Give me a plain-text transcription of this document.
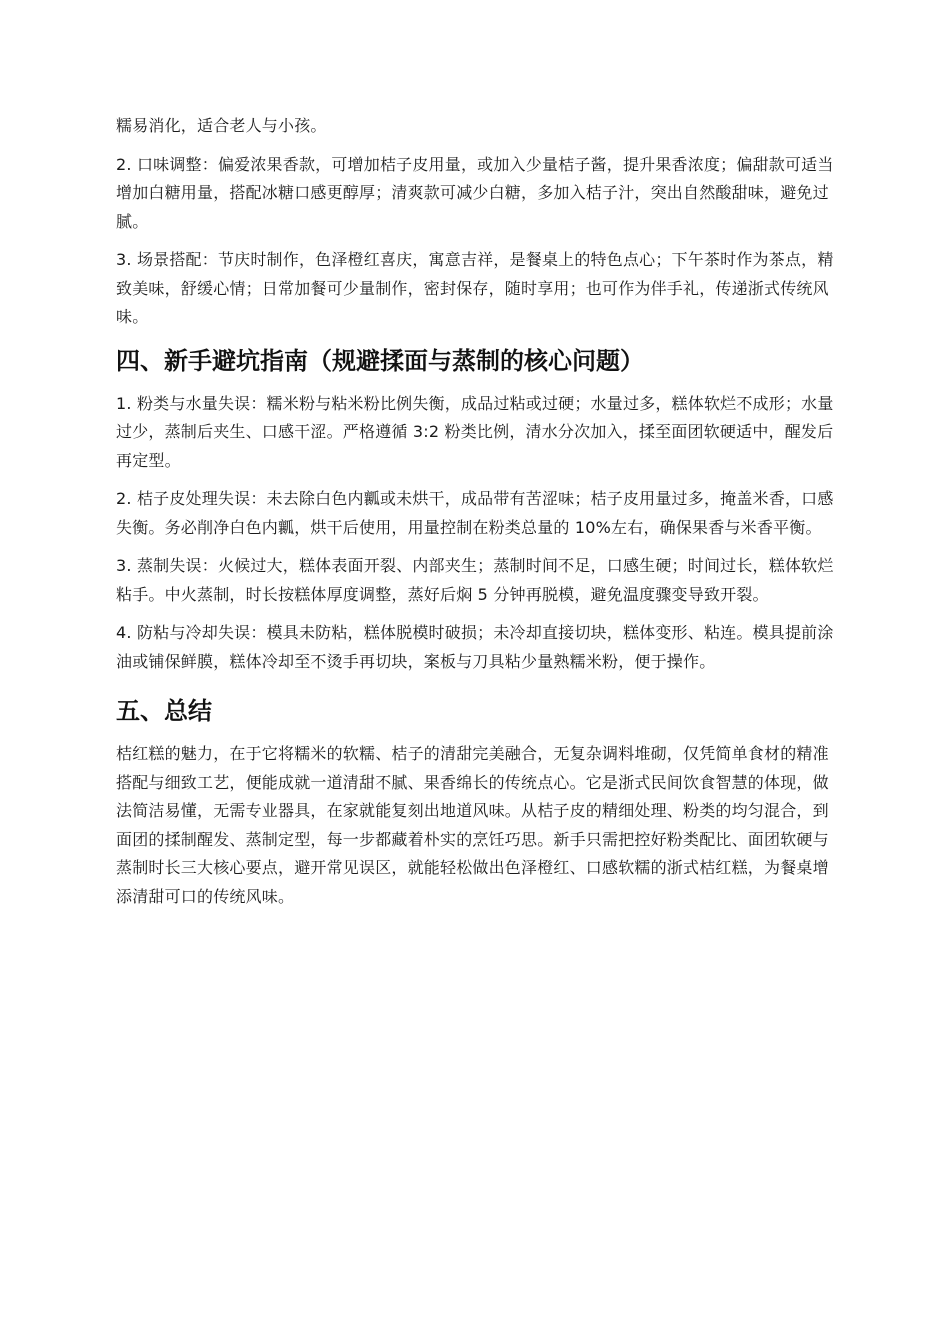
糯易消化，适合老人与小孩。

2. 口味调整：偏爱浓果香款，可增加桔子皮用量，或加入少量桔子酱，提升果香浓度；偏甜款可适当增加白糖用量，搭配冰糖口感更醇厚；清爽款可减少白糖，多加入桔子汁，突出自然酸甜味，避免过腻。

3. 场景搭配：节庆时制作，色泽橙红喜庆，寓意吉祥，是餐桌上的特色点心；下午茶时作为茶点，精致美味，舒缓心情；日常加餐可少量制作，密封保存，随时享用；也可作为伴手礼，传递浙式传统风味。

四、新手避坑指南（规避揉面与蒸制的核心问题）

1. 粉类与水量失误：糯米粉与粘米粉比例失衡，成品过粘或过硬；水量过多，糕体软烂不成形；水量过少，蒸制后夹生、口感干涩。严格遵循 3:2 粉类比例，清水分次加入，揉至面团软硬适中，醒发后再定型。

2. 桔子皮处理失误：未去除白色内瓤或未烘干，成品带有苦涩味；桔子皮用量过多，掩盖米香，口感失衡。务必削净白色内瓤，烘干后使用，用量控制在粉类总量的 10%左右，确保果香与米香平衡。

3. 蒸制失误：火候过大，糕体表面开裂、内部夹生；蒸制时间不足，口感生硬；时间过长，糕体软烂粘手。中火蒸制，时长按糕体厚度调整，蒸好后焖 5 分钟再脱模，避免温度骤变导致开裂。

4. 防粘与冷却失误：模具未防粘，糕体脱模时破损；未冷却直接切块，糕体变形、粘连。模具提前涂油或铺保鲜膜，糕体冷却至不烫手再切块，案板与刀具粘少量熟糯米粉，便于操作。

五、总结

桔红糕的魅力，在于它将糯米的软糯、桔子的清甜完美融合，无复杂调料堆砌，仅凭简单食材的精准搭配与细致工艺，便能成就一道清甜不腻、果香绵长的传统点心。它是浙式民间饮食智慧的体现，做法简洁易懂，无需专业器具，在家就能复刻出地道风味。从桔子皮的精细处理、粉类的均匀混合，到面团的揉制醒发、蒸制定型，每一步都藏着朴实的烹饪巧思。新手只需把控好粉类配比、面团软硬与蒸制时长三大核心要点，避开常见误区，就能轻松做出色泽橙红、口感软糯的浙式桔红糕，为餐桌增添清甜可口的传统风味。
